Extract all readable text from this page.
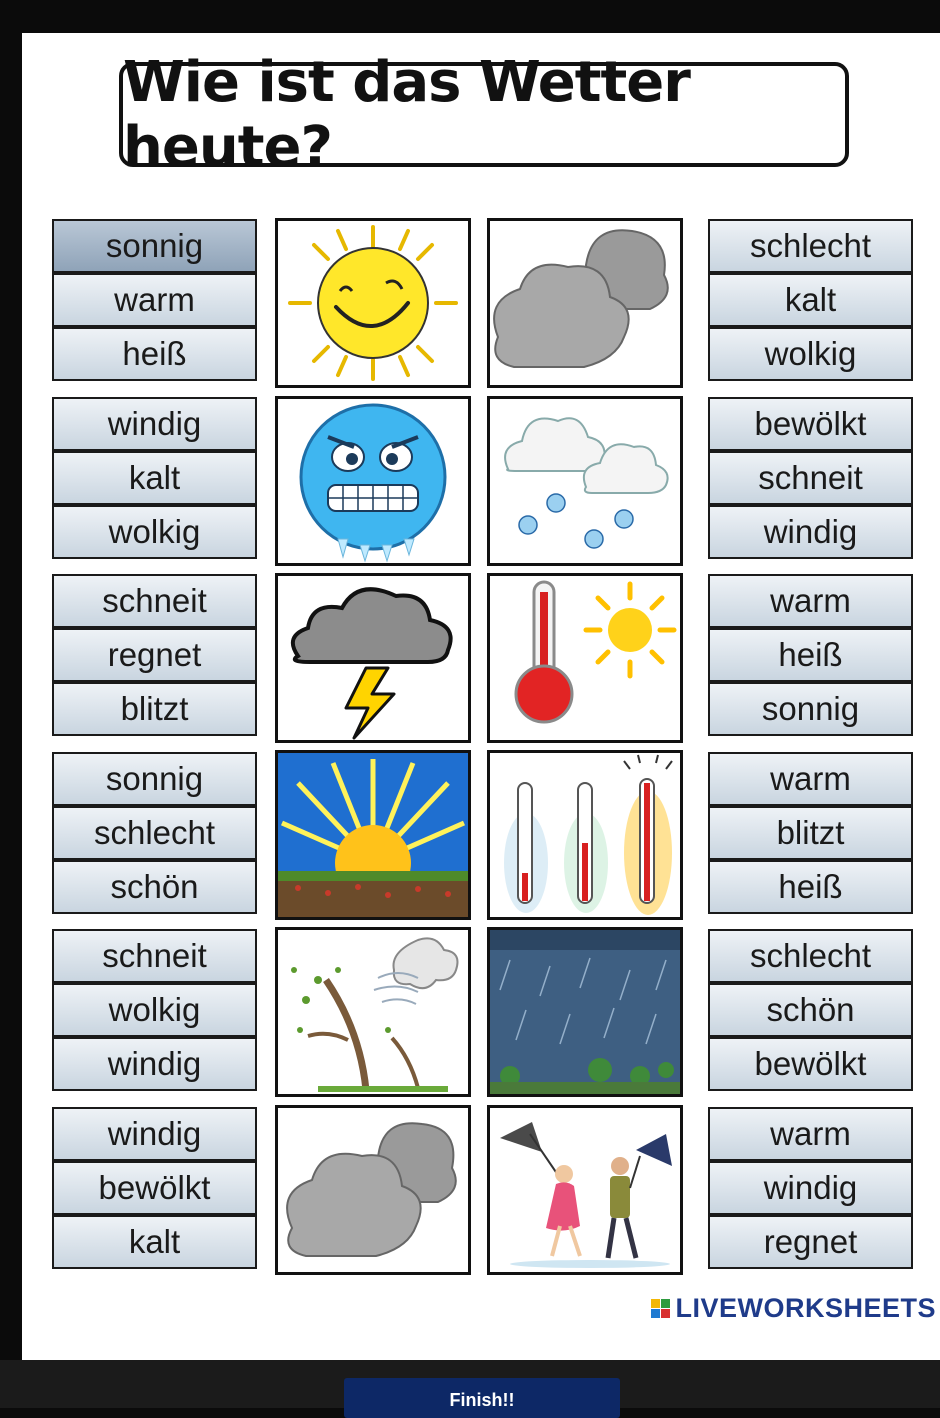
Wie ist das Wetter heute?
sonnig
warm
heiß
windig
kalt
wolkig
schneit
regnet
blitzt
sonnig
schlecht
schön
schneit
wolkig
windig
windig
bewölkt
kalt
schlecht
kalt
wolkig
bewölkt
schneit
windig
warm
heiß
sonnig
warm
blitzt
heiß
schlecht
schön
bewölkt
warm
windig
regnet
LIVEWORKSHEETS
Finish!!
